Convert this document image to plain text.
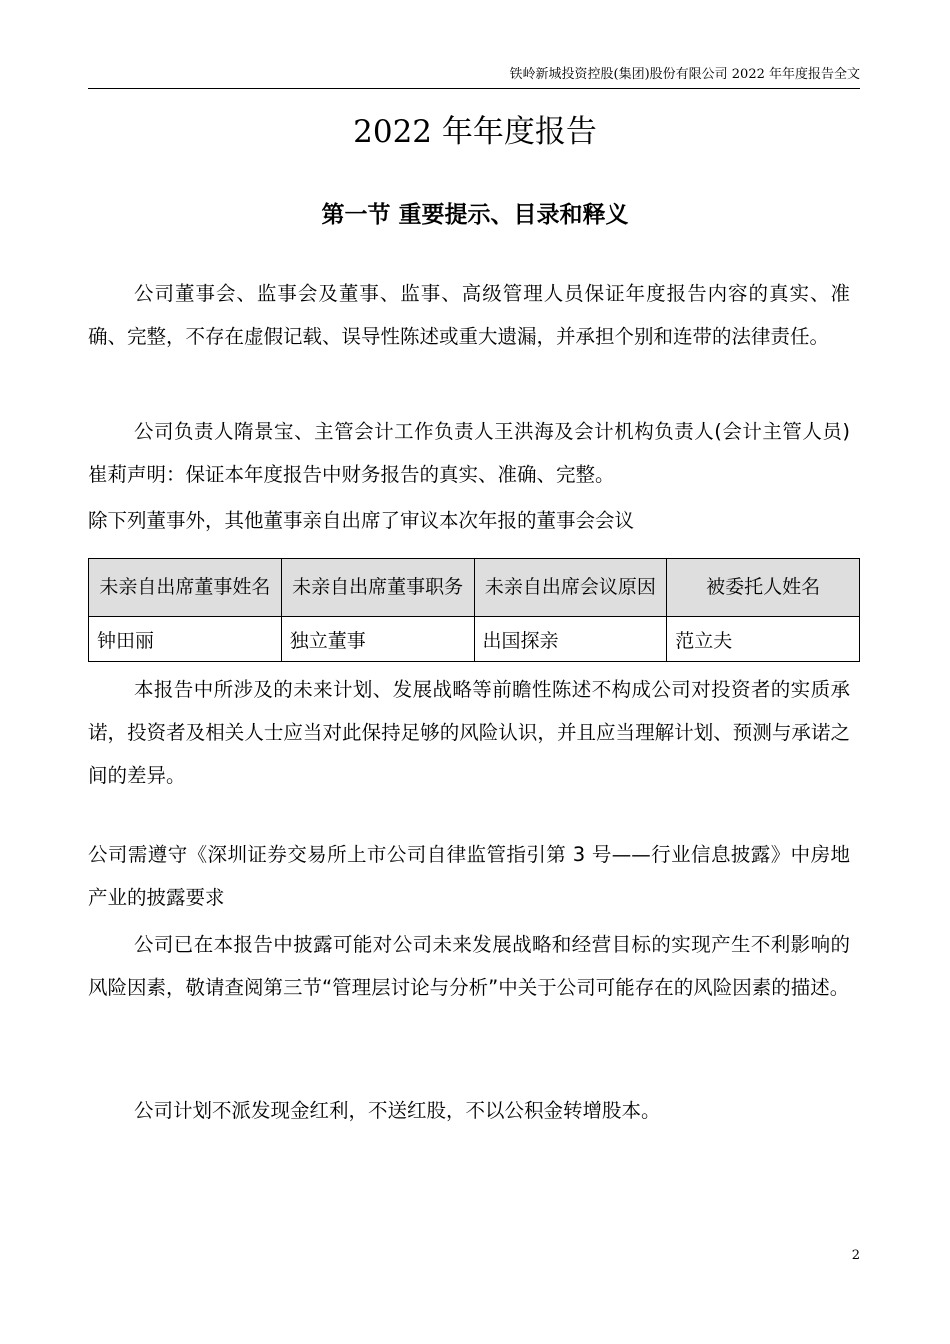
铁岭新城投资控股(集团)股份有限公司 2022 年年度报告全文
2022 年年度报告
第一节 重要提示、目录和释义
公司董事会、监事会及董事、监事、高级管理人员保证年度报告内容的真实、准确、完整，不存在虚假记载、误导性陈述或重大遗漏，并承担个别和连带的法律责任。
公司负责人隋景宝、主管会计工作负责人王洪海及会计机构负责人(会计主管人员)崔莉声明：保证本年度报告中财务报告的真实、准确、完整。
除下列董事外，其他董事亲自出席了审议本次年报的董事会会议
未亲自出席董事姓名	未亲自出席董事职务	未亲自出席会议原因	被委托人姓名
钟田丽	独立董事	出国探亲	范立夫
本报告中所涉及的未来计划、发展战略等前瞻性陈述不构成公司对投资者的实质承诺，投资者及相关人士应当对此保持足够的风险认识，并且应当理解计划、预测与承诺之间的差异。
公司需遵守《深圳证券交易所上市公司自律监管指引第 3 号——行业信息披露》中房地产业的披露要求
公司已在本报告中披露可能对公司未来发展战略和经营目标的实现产生不利影响的风险因素，敬请查阅第三节“管理层讨论与分析”中关于公司可能存在的风险因素的描述。
公司计划不派发现金红利，不送红股，不以公积金转增股本。
2
